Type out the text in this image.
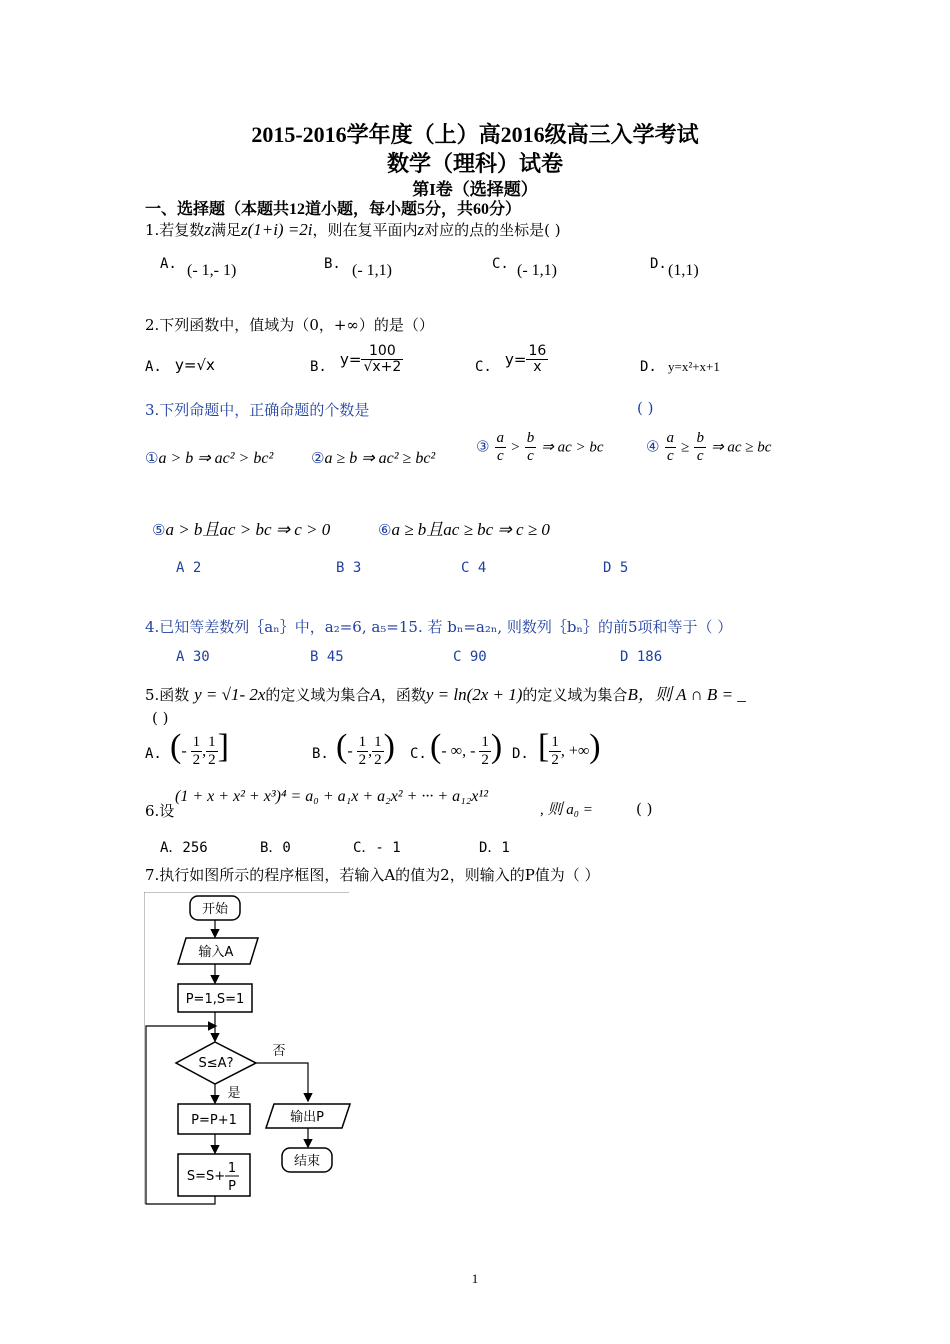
2015-2016学年度（上）高2016级高三入学考试
数学（理科）试卷
第I卷（选择题）
一、选择题（本题共12道小题，每小题5分，共60分）
1.若复数z满足z(1+i) =2i，则在复平面内z对应的点的坐标是( )
A. (- 1,- 1)	B. (- 1,1)	C. (- 1,1)	D. (1,1)
2.下列函数中，值域为（0，+∞）的是（）
A. y=√x	B. $y= \frac{100}{√x+2}$	C. $y= \frac{16}{x}$	D. y=x²+x+1
3.下列命题中，正确命题的个数是	( )
①a > b ⇒ ac² > bc²	②a ≥ b ⇒ ac² ≥ bc²
③ $\frac{a}{c} > \frac{b}{c}$ ⇒ ac > bc	④ $\frac{a}{c} \ge \frac{b}{c}$ ⇒ ac ≥ bc
⑤a > b且ac > bc ⇒ c > 0	⑥a ≥ b且ac ≥ bc ⇒ c ≥ 0
A 2	B 3	C 4	D 5
4.已知等差数列｛aₙ｝中，a₂=6, a₅=15. 若 bₙ=a₂ₙ, 则数列｛bₙ｝的前5项和等于（ ）
A 30	B 45	C 90	D 186
5.函数 y = √1- 2x的定义域为集合A，函数y = ln(2x + 1)的定义域为集合B，则 A ∩ B = _
( )
A. (- $\frac{1}{2}$ , $\frac{1}{2}$ ]	B. (- $\frac{1}{2}$ , $\frac{1}{2}$ ) C. (- ∞, - $\frac{1}{2}$ ) D. [ $\frac{1}{2}$ , +∞)
6.设
(1 + x + x² + x³)⁴ = a₀ + a₁x + a₂x² + ··· + a₁₂x¹²
, 则 a₀ =	( )
A．256	B．0	C．- 1	D．1
7.执行如图所示的程序框图，若输入A的值为2，则输入的P值为（ ）
开始
输入A
P=1,S=1
S≤A?
否
是
P=P+1
S=S+
1
P
输出P
结束
1
